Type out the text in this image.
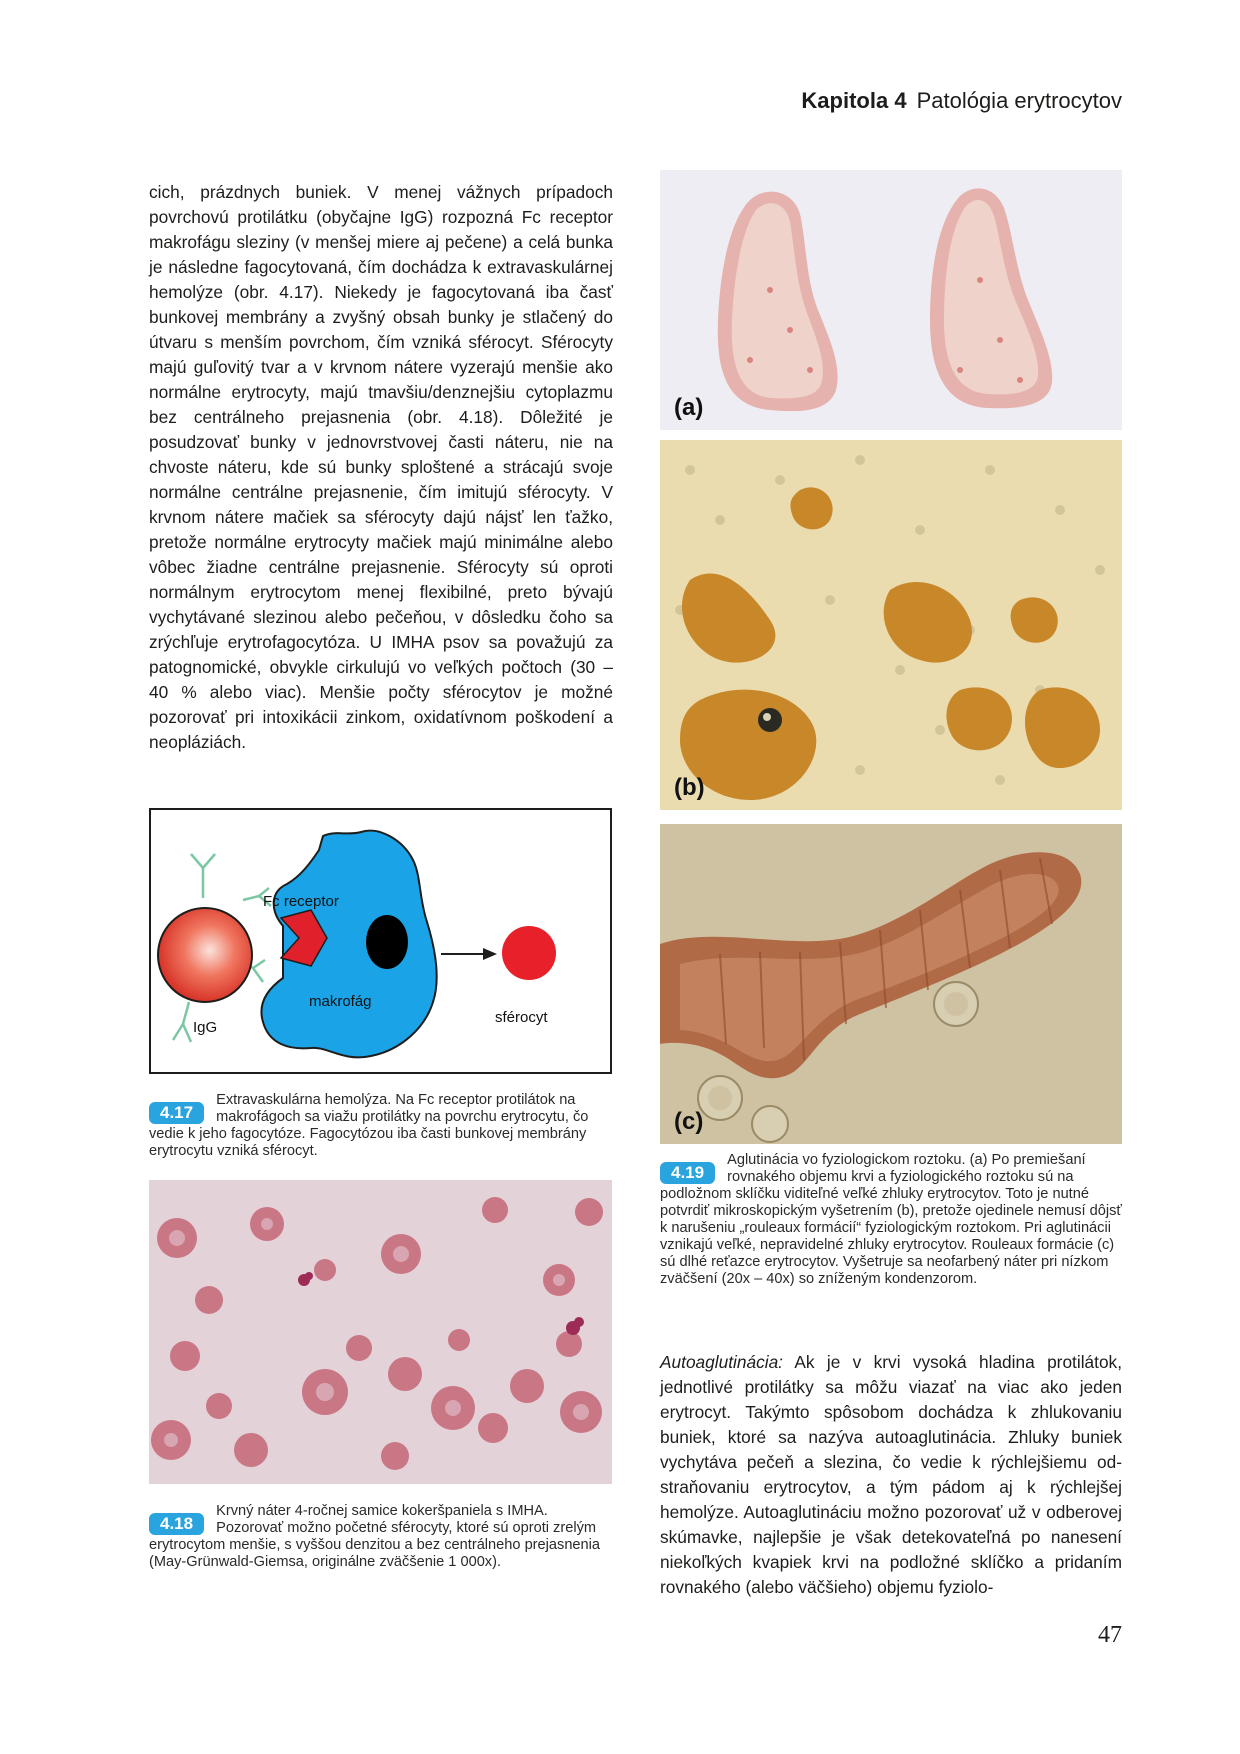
Kapitola 4 Patológia erytrocytov
cich, prázdnych buniek. V menej vážnych prípadoch povrchovú protilátku (obyčajne IgG) rozpozná Fc receptor makrofágu sleziny (v menšej miere aj pečene) a celá bunka je následne fagocytovaná, čím dochádza k extravaskulárnej hemolýze (obr. 4.17). Niekedy je fagocytovaná iba časť bunkovej membrány a zvyšný obsah bunky je stlačený do útvaru s menším povrchom, čím vzniká sférocyt. Sférocyty majú guľovitý tvar a v krvnom nátere vyzerajú menšie ako normálne erytrocyty, majú tmavšiu/denznejšiu cytoplazmu bez centrálneho prejasnenia (obr. 4.18). Dôležité je posudzovať bunky v jednovrstvovej časti náteru, nie na chvoste náteru, kde sú bunky sploštené a strácajú svoje normálne centrálne prejasnenie, čím imitujú sférocyty. V krvnom nátere mačiek sa sférocyty dajú nájsť len ťažko, pretože normálne erytrocyty mačiek majú minimálne alebo vôbec žiadne centrálne prejasnenie. Sférocyty sú oproti normálnym erytrocytom menej flexibilné, preto bývajú vychytávané slezinou alebo pečeňou, v dôsledku čoho sa zrýchľuje erytrofagocytóza. U IMHA psov sa považujú za patognomické, obvykle cirkulujú vo veľkých počtoch (30 – 40 % alebo viac). Menšie počty sférocytov je možné pozorovať pri intoxikácii zinkom, oxidatívnom poškodení a neopláziách.
Fc receptor
makrofág
IgG
sférocyt
4.17
Extravaskulárna hemolýza. Na Fc receptor protilátok na makrofágoch sa viažu protilátky na povrchu erytrocytu, čo vedie k jeho fagocytóze. Fagocytózou iba časti bunkovej membrány erytrocytu vzniká sférocyt.
4.18
Krvný náter 4-ročnej samice kokeršpaniela s IMHA. Pozorovať možno početné sférocyty, ktoré sú oproti zrelým erytrocytom menšie, s vyššou denzitou a bez centrálneho prejasnenia (May-Grünwald-Giemsa, originálne zväčšenie 1 000x).
(a)
(b)
(c)
4.19
Aglutinácia vo fyziologickom roztoku. (a) Po premiešaní rovnakého objemu krvi a fyziologického roztoku sú na podložnom sklíčku viditeľné veľké zhluky erytrocytov. Toto je nutné potvrdiť mikroskopickým vyšetrením (b), pretože ojedinele nemusí dôjsť k narušeniu „rouleaux formácií“ fyziologickým roztokom. Pri aglutinácii vznikajú veľké, nepravidelné zhluky erytrocytov. Rouleaux formácie (c) sú dlhé reťazce erytrocytov. Vyšetruje sa neofarbený náter pri nízkom zväčšení (20x – 40x) so zníženým kondenzorom.
Autoaglutinácia: Ak je v krvi vysoká hladina protilátok, jednotlivé protilátky sa môžu viazať na viac ako jeden erytrocyt. Takýmto spôsobom dochádza k zhlukovaniu buniek, ktoré sa nazýva autoaglutinácia. Zhluky buniek vychytáva pečeň a slezina, čo vedie k rýchlejšiemu odstraňovaniu erytrocytov, a tým pádom aj k rýchlejšej hemolýze. Autoaglutináciu možno pozorovať už v odberovej skúmavke, najlepšie je však detekovateľná po nanesení niekoľkých kvapiek krvi na podložné sklíčko a pridaním rovnakého (alebo väčšieho) objemu fyziolo-
47
